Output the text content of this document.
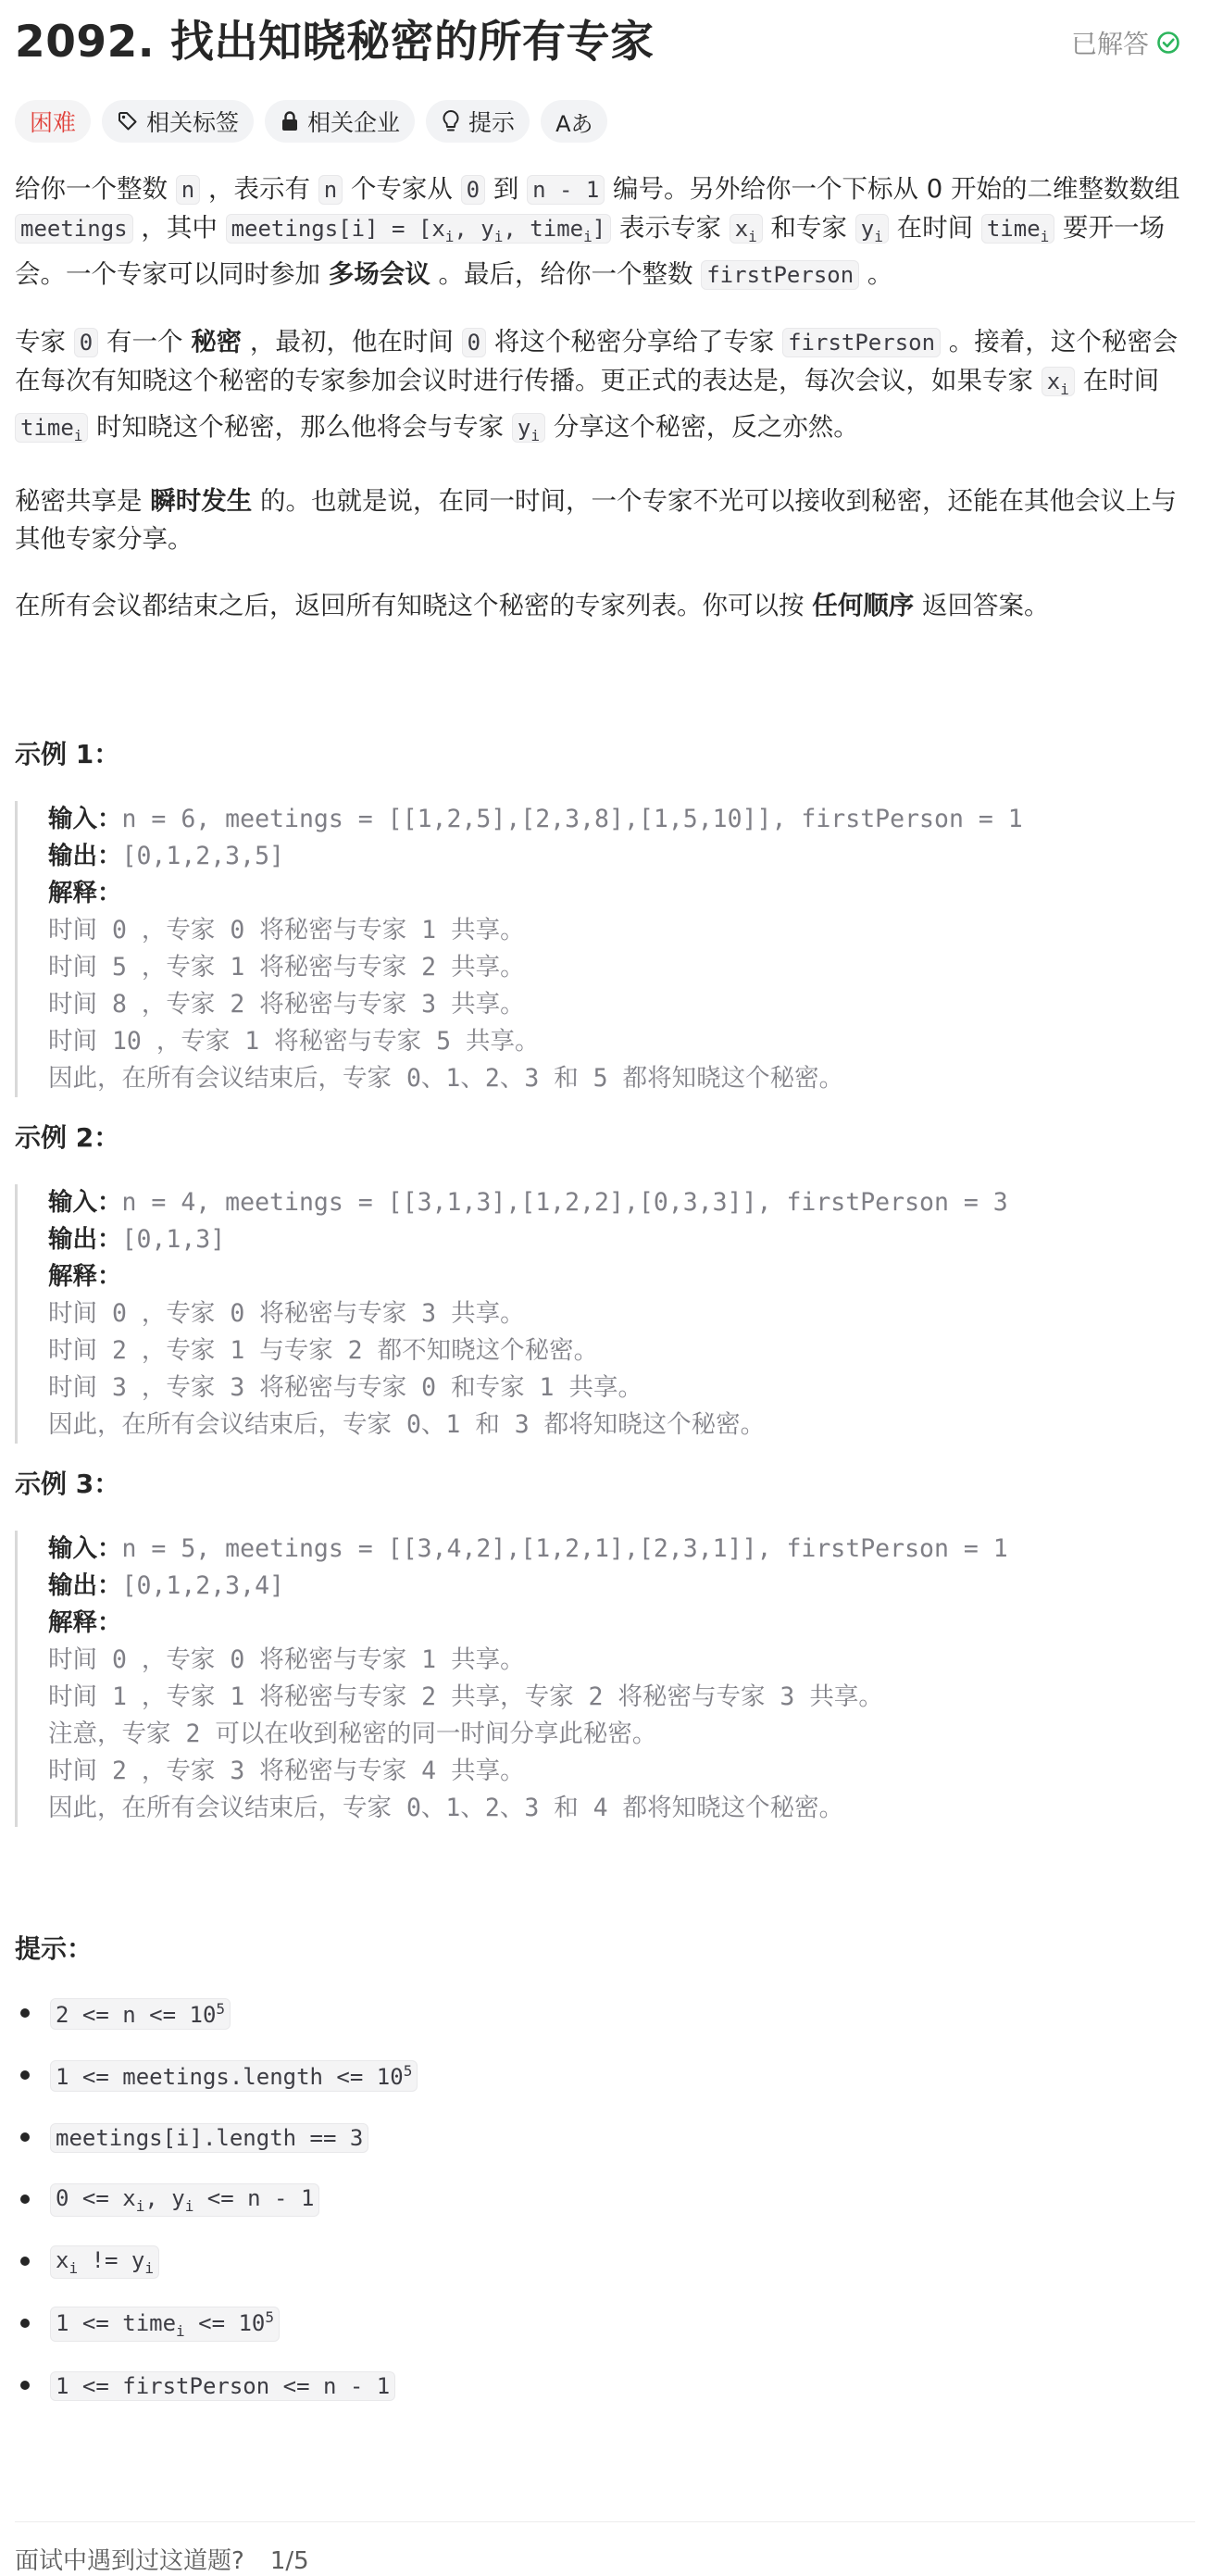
2092. 找出知晓秘密的所有专家	已解答
困难	相关标签	相关企业	提示 Aあ

给你一个整数 n ，表示有 n 个专家从 0 到 n - 1 编号。另外给你一个下标从 0 开始的二维整数数组 meetings ，其中 meetings[i] = [$x_i$, $y_i$, time$_i$] 表示专家 $x_i$ 和专家 $y_i$ 在时间 time$_i$ 要开一场会。一个专家可以同时参加 多场会议 。最后，给你一个整数 firstPerson 。

专家 0 有一个 秘密 ，最初，他在时间 0 将这个秘密分享给了专家 firstPerson 。接着，这个秘密会在每次有知晓这个秘密的专家参加会议时进行传播。更正式的表达是，每次会议，如果专家 $x_i$ 在时间 time$_i$ 时知晓这个秘密，那么他将会与专家 $y_i$ 分享这个秘密，反之亦然。

秘密共享是 瞬时发生 的。也就是说，在同一时间，一个专家不光可以接收到秘密，还能在其他会议上与其他专家分享。

在所有会议都结束之后，返回所有知晓这个秘密的专家列表。你可以按 任何顺序 返回答案。

示例 1：

输入：n = 6, meetings = [[1,2,5],[2,3,8],[1,5,10]], firstPerson = 1
输出：[0,1,2,3,5]
解释：
时间 0 ，专家 0 将秘密与专家 1 共享。
时间 5 ，专家 1 将秘密与专家 2 共享。
时间 8 ，专家 2 将秘密与专家 3 共享。
时间 10 ，专家 1 将秘密与专家 5 共享。
因此，在所有会议结束后，专家 0、1、2、3 和 5 都将知晓这个秘密。

示例 2：

输入：n = 4, meetings = [[3,1,3],[1,2,2],[0,3,3]], firstPerson = 3
输出：[0,1,3]
解释：
时间 0 ，专家 0 将秘密与专家 3 共享。
时间 2 ，专家 1 与专家 2 都不知晓这个秘密。
时间 3 ，专家 3 将秘密与专家 0 和专家 1 共享。
因此，在所有会议结束后，专家 0、1 和 3 都将知晓这个秘密。

示例 3：

输入：n = 5, meetings = [[3,4,2],[1,2,1],[2,3,1]], firstPerson = 1
输出：[0,1,2,3,4]
解释：
时间 0 ，专家 0 将秘密与专家 1 共享。
时间 1 ，专家 1 将秘密与专家 2 共享，专家 2 将秘密与专家 3 共享。
注意，专家 2 可以在收到秘密的同一时间分享此秘密。
时间 2 ，专家 3 将秘密与专家 4 共享。
因此，在所有会议结束后，专家 0、1、2、3 和 4 都将知晓这个秘密。

提示：

$2 <= n <= 10^5$
1 <= meetings.length <= $10^5$
meetings[i].length == 3
$0 <= x_i$, $y_i <= n - 1$
$x_i$ != $y_i$
1 <= time$_i$ <= $10^5$
1 <= firstPerson <= n - 1
面试中遇到过这道题? 1/5
